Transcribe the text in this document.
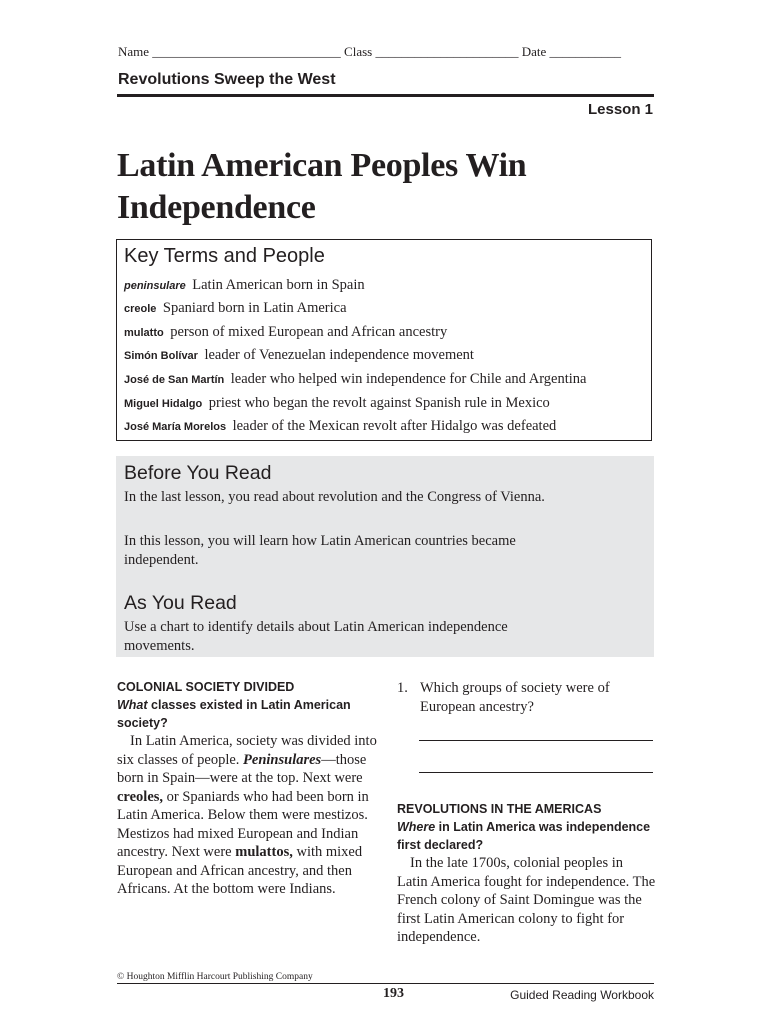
Name _____________________________ Class ______________________ Date ___________
Revolutions Sweep the West
Lesson 1
Latin American Peoples Win Independence
Key Terms and People
peninsulare Latin American born in Spain
creole Spaniard born in Latin America
mulatto person of mixed European and African ancestry
Simón Bolívar leader of Venezuelan independence movement
José de San Martín leader who helped win independence for Chile and Argentina
Miguel Hidalgo priest who began the revolt against Spanish rule in Mexico
José María Morelos leader of the Mexican revolt after Hidalgo was defeated
Before You Read
In the last lesson, you read about revolution and the Congress of Vienna.
In this lesson, you will learn how Latin American countries became independent.
As You Read
Use a chart to identify details about Latin American independence movements.
COLONIAL SOCIETY DIVIDED
What classes existed in Latin American society?
In Latin America, society was divided into six classes of people. Peninsulares—those born in Spain—were at the top. Next were creoles, or Spaniards who had been born in Latin America. Below them were mestizos. Mestizos had mixed European and Indian ancestry. Next were mulattos, with mixed European and African ancestry, and then Africans. At the bottom were Indians.
1. Which groups of society were of European ancestry?
REVOLUTIONS IN THE AMERICAS
Where in Latin America was independence first declared?
In the late 1700s, colonial peoples in Latin America fought for independence. The French colony of Saint Domingue was the first Latin American colony to fight for independence.
© Houghton Mifflin Harcourt Publishing Company
193	Guided Reading Workbook
